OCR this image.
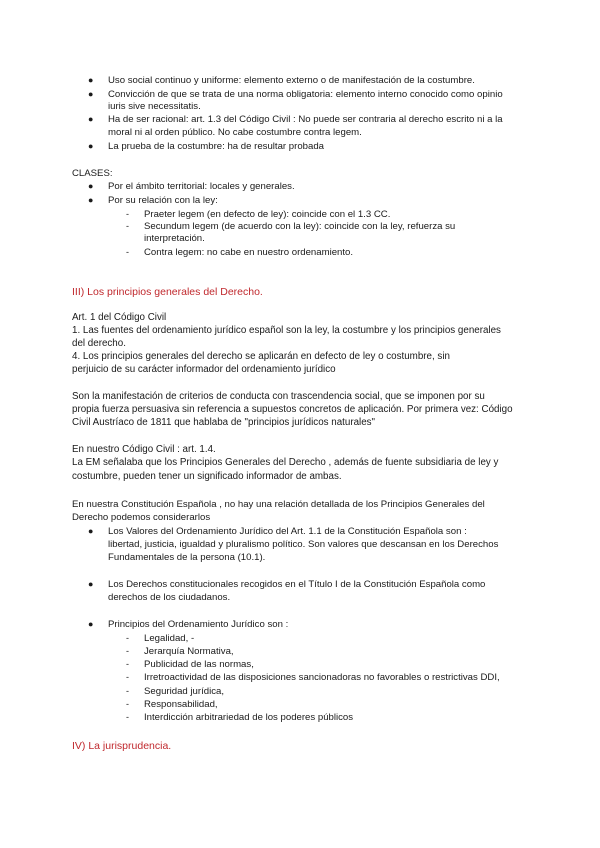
● Uso social continuo y uniforme: elemento externo o de manifestación de la costumbre.
● Convicción de que se trata de una norma obligatoria: elemento interno conocido como opinio
iuris sive necessitatis.
● Ha de ser racional: art. 1.3 del Código Civil : No puede ser contraria al derecho escrito ni a la
moral ni al orden público. No cabe costumbre contra legem.
● La prueba de la costumbre: ha de resultar probada
CLASES:
● Por el ámbito territorial: locales y generales.
● Por su relación con la ley:
- Praeter legem (en defecto de ley): coincide con el 1.3 CC.
- Secundum legem (de acuerdo con la ley): coincide con la ley, refuerza su
interpretación.
- Contra legem: no cabe en nuestro ordenamiento.
III) Los principios generales del Derecho.
Art. 1 del Código Civil
1. Las fuentes del ordenamiento jurídico español son la ley, la costumbre y los principios generales
del derecho.
4. Los principios generales del derecho se aplicarán en defecto de ley o costumbre, sin
perjuicio de su carácter informador del ordenamiento jurídico
Son la manifestación de criterios de conducta con trascendencia social, que se imponen por su
propia fuerza persuasiva sin referencia a supuestos concretos de aplicación. Por primera vez: Código
Civil Austríaco de 1811 que hablaba de "principios jurídicos naturales"
En nuestro Código Civil : art. 1.4.
La EM señalaba que los Principios Generales del Derecho , además de fuente subsidiaria de ley y
costumbre, pueden tener un significado informador de ambas.
En nuestra Constitución Española , no hay una relación detallada de los Principios Generales del
Derecho podemos considerarlos
● Los Valores del Ordenamiento Jurídico del Art. 1.1 de la Constitución Española son :
libertad, justicia, igualdad y pluralismo político. Son valores que descansan en los Derechos
Fundamentales de la persona (10.1).
● Los Derechos constitucionales recogidos en el Título I de la Constitución Española como
derechos de los ciudadanos.
● Principios del Ordenamiento Jurídico son :
- Legalidad, -
- Jerarquía Normativa,
- Publicidad de las normas,
- Irretroactividad de las disposiciones sancionadoras no favorables o restrictivas DDI,
- Seguridad jurídica,
- Responsabilidad,
- Interdicción arbitrariedad de los poderes públicos
IV) La jurisprudencia.
